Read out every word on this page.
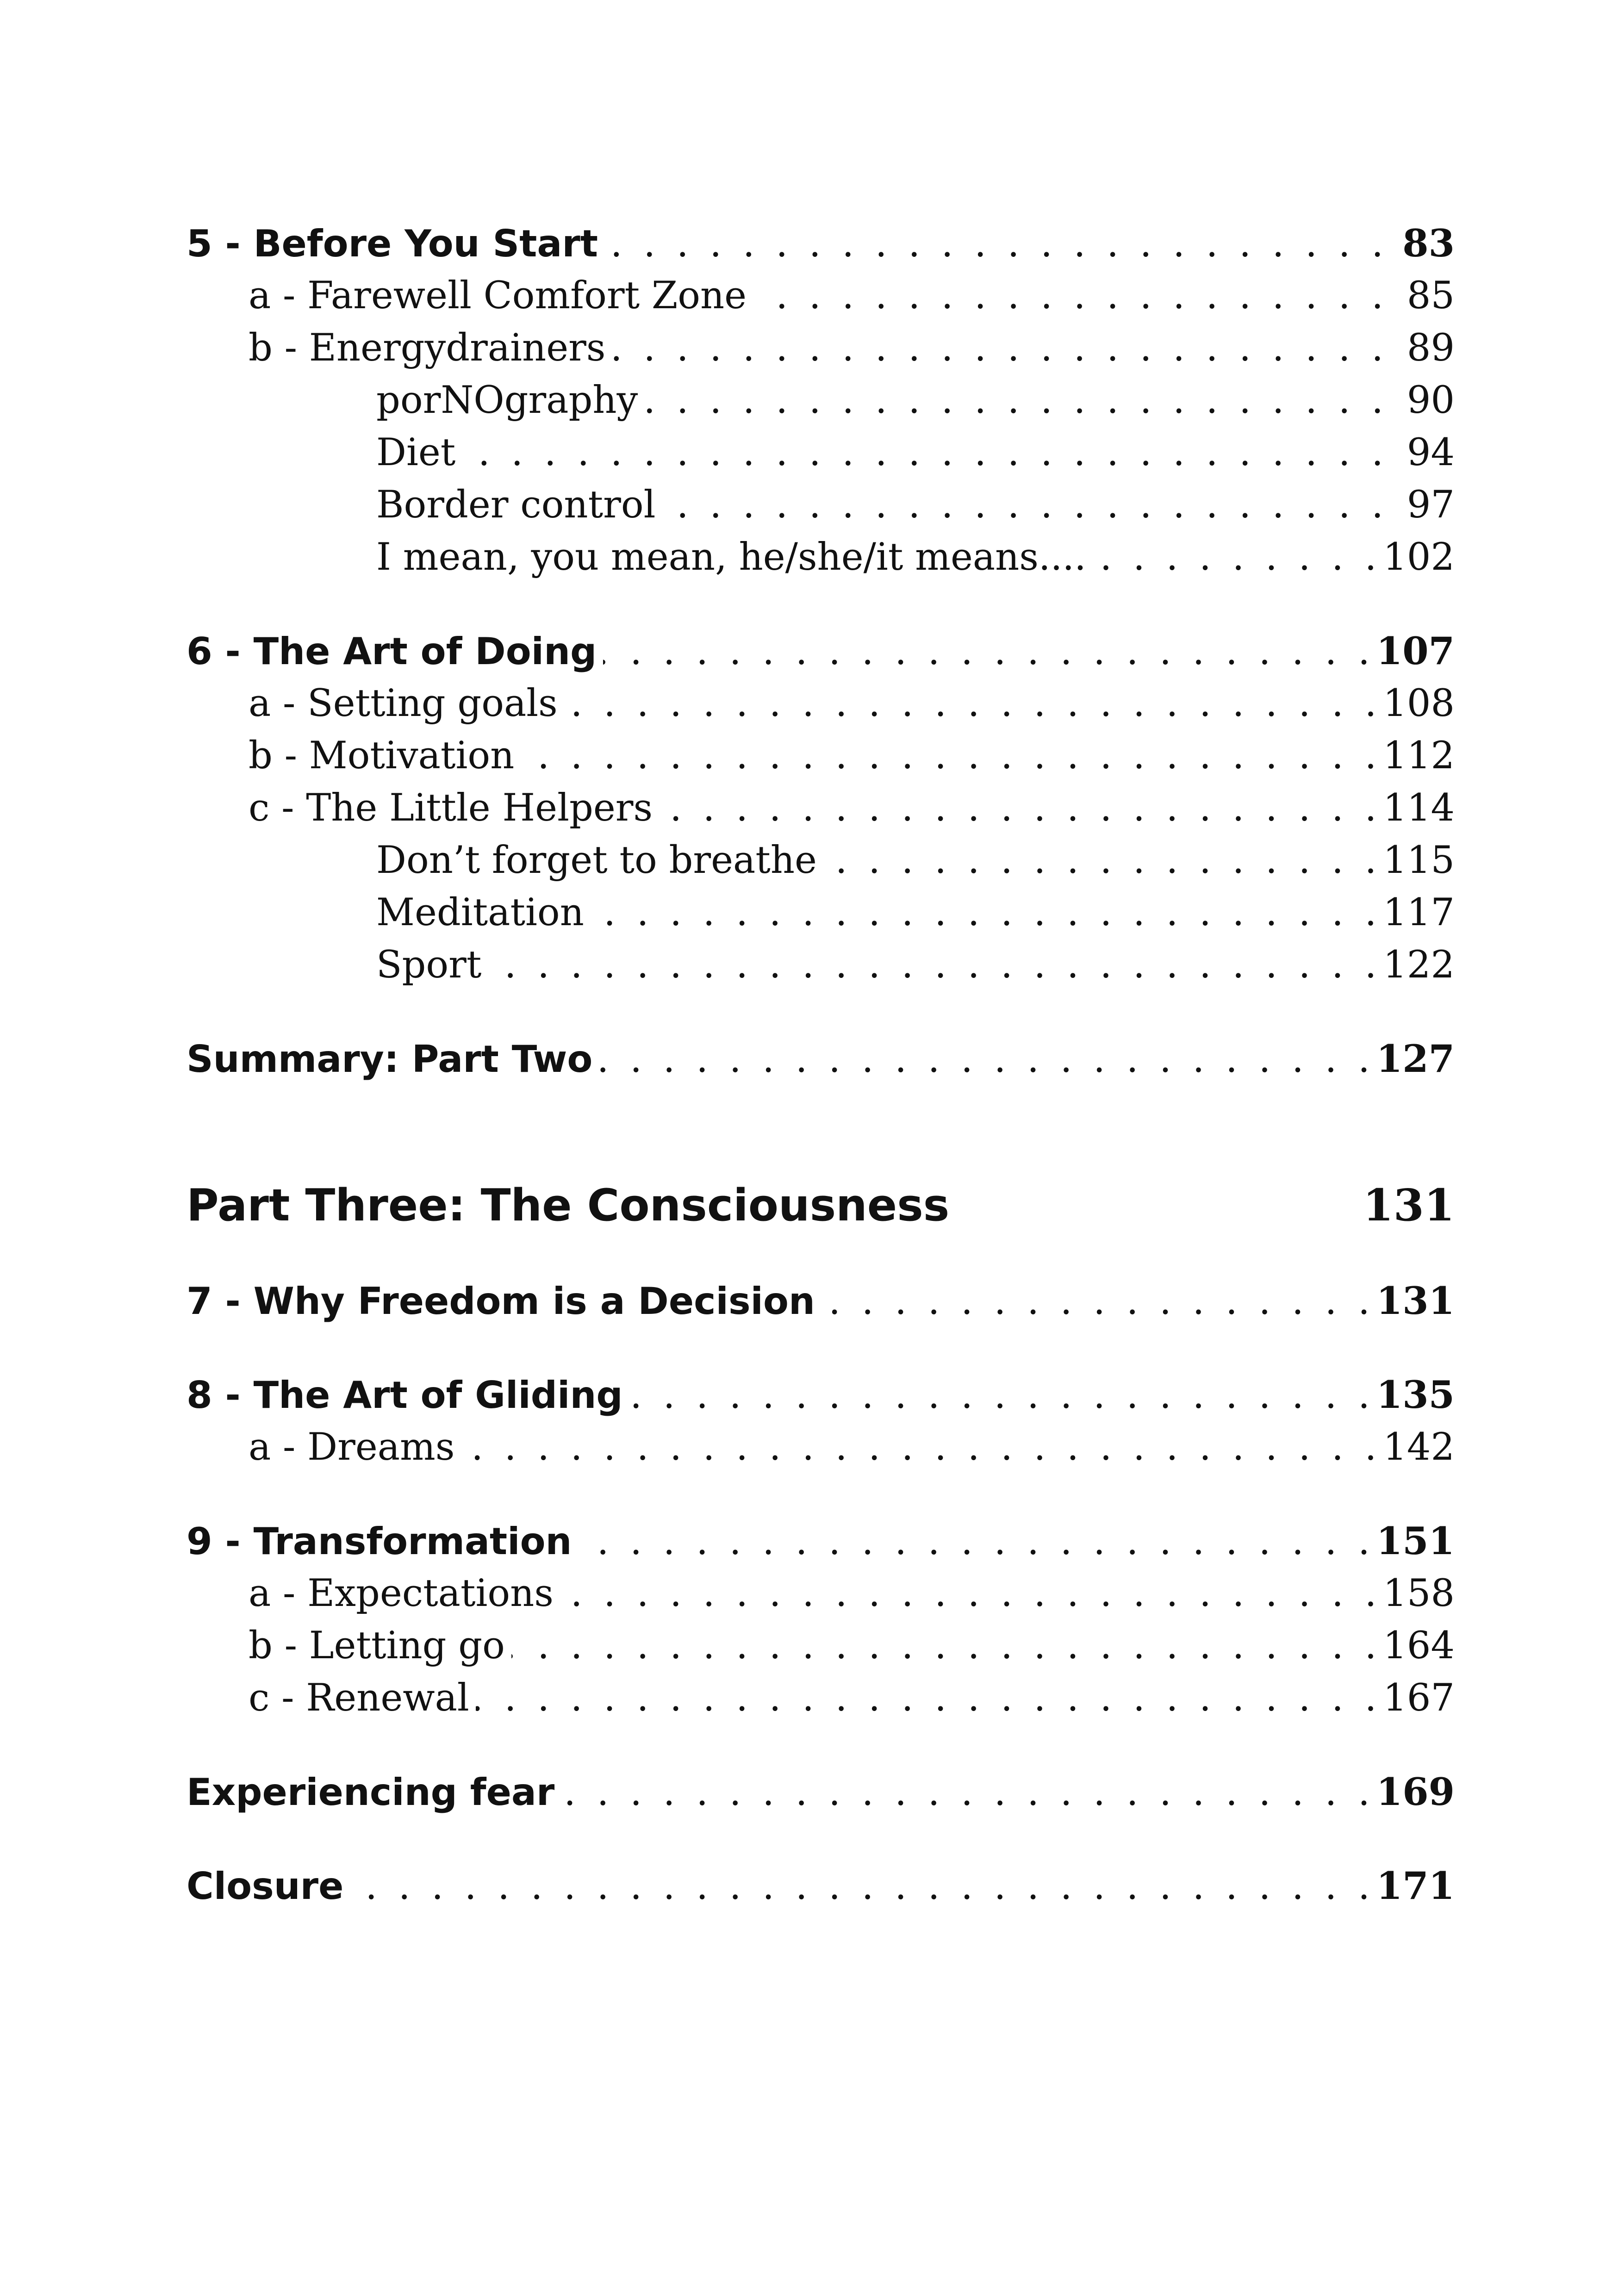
5 - Before You Start . . .	83
a - Farewell Comfort Zone . . .	85
b - Energydrainers . . .	89
porNOgraphy . . .	90
Diet . . .	94
Border control . . .	97
I mean, you mean, he/she/it means.... . . .	102
6 - The Art of Doing . . .	107
a - Setting goals . . .	108
b - Motivation . . .	112
c - The Little Helpers . . .	114
Don’t forget to breathe . . .	115
Meditation . . .	117
Sport . . .	122
Summary: Part Two . . .	127
Part Three: The Consciousness	131
7 - Why Freedom is a Decision . . .	131
8 - The Art of Gliding . . .	135
a - Dreams . . .	142
9 - Transformation . . .	151
a - Expectations . . .	158
b - Letting go . . .	164
c - Renewal . . .	167
Experiencing fear . . .	169
Closure . . .	171
